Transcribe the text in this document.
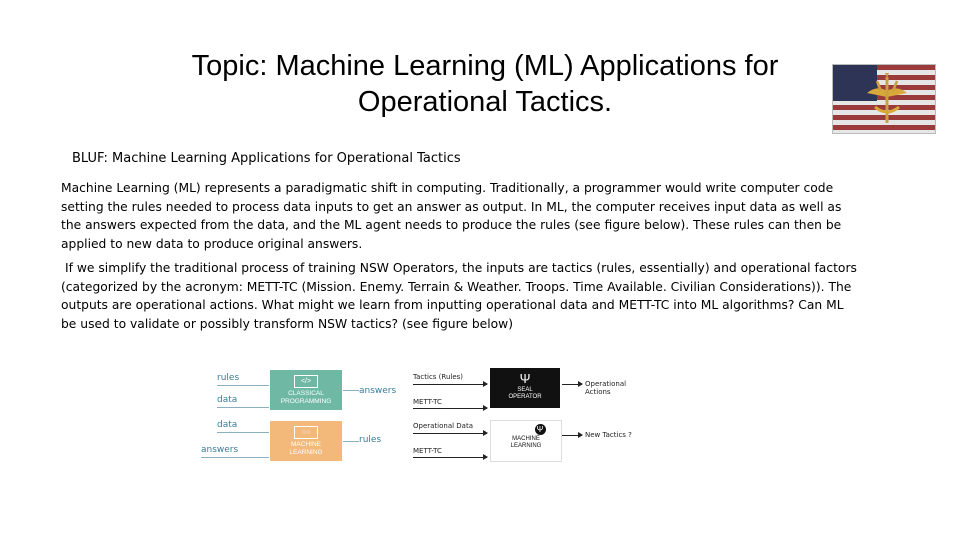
Topic: Machine Learning (ML) Applications for
Operational Tactics.
BLUF: Machine Learning Applications for Operational Tactics
Machine Learning (ML) represents a paradigmatic shift in computing. Traditionally, a programmer would write computer code setting the rules needed to process data inputs to get an answer as output. In ML, the computer receives input data as well as the answers expected from the data, and the ML agent needs to produce the rules (see figure below). These rules can then be applied to new data to produce original answers.
If we simplify the traditional process of training NSW Operators, the inputs are tactics (rules, essentially) and operational factors (categorized by the acronym: METT-TC (Mission. Enemy. Terrain & Weather. Troops. Time Available. Civilian Considerations)). The outputs are operational actions. What might we learn from inputting operational data and METT-TC into ML algorithms? Can ML be used to validate or possibly transform NSW tactics? (see figure below)
rules
data
</>
CLASSICAL
PROGRAMMING
answers
data
answers
○○
MACHINE
LEARNING
rules
Tactics (Rules)
METT-TC
Ψ
SEAL
OPERATOR
Operational
Actions
Operational Data
METT-TC
Ψ
MACHINE
LEARNING
New Tactics ?
